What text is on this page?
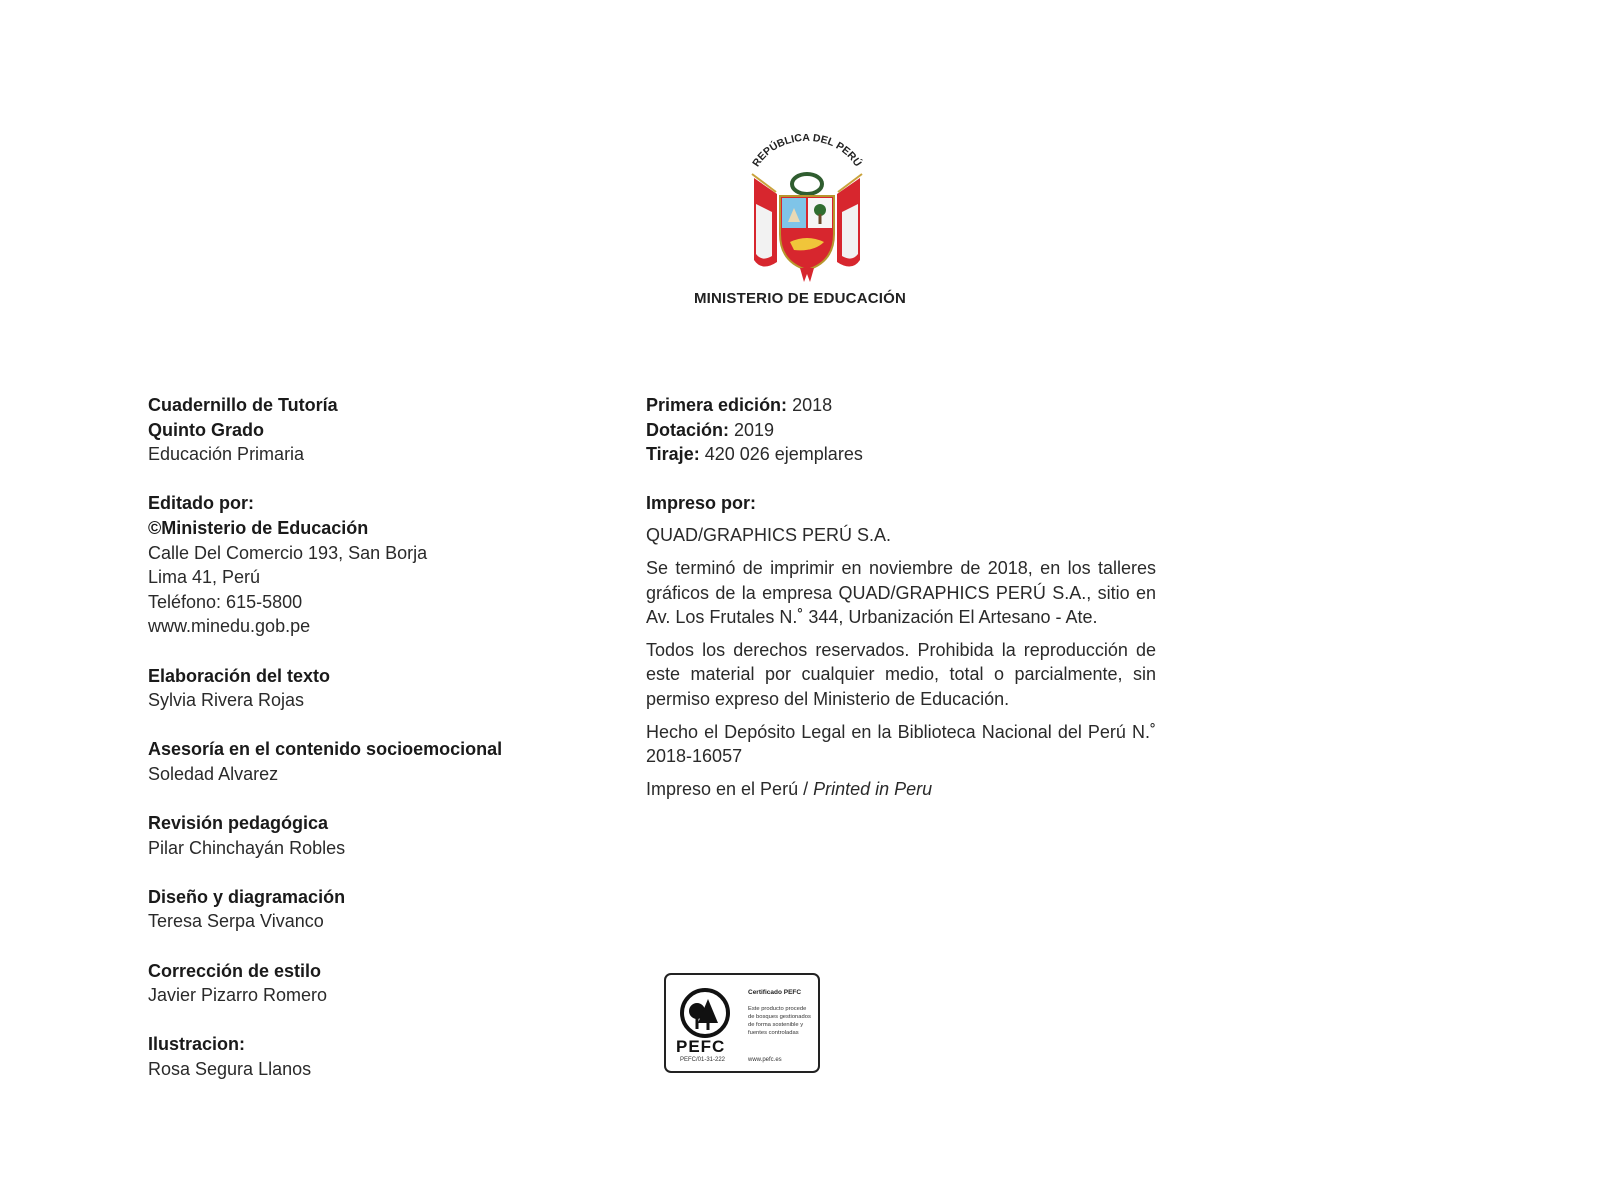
REPÚBLICA DEL PERÚ
MINISTERIO DE EDUCACIÓN
Cuadernillo de Tutoría
Quinto Grado
Educación Primaria
Editado por:
©Ministerio de Educación
Calle Del Comercio 193, San Borja
Lima 41, Perú
Teléfono: 615-5800
www.minedu.gob.pe
Elaboración del texto
Sylvia Rivera Rojas
Asesoría en el contenido socioemocional
Soledad Alvarez
Revisión pedagógica
Pilar Chinchayán Robles
Diseño y diagramación
Teresa Serpa Vivanco
Corrección de estilo
Javier Pizarro Romero
Ilustracion:
Rosa Segura Llanos
Primera edición: 2018
Dotación: 2019
Tiraje: 420 026 ejemplares
Impreso por:
QUAD/GRAPHICS PERÚ S.A.
Se terminó de imprimir en noviembre de 2018, en los talleres gráficos de la empresa QUAD/GRAPHICS PERÚ S.A., sitio en Av. Los Frutales N.˚ 344, Urbanización El Artesano - Ate.
Todos los derechos reservados. Prohibida la reproducción de este material por cualquier medio, total o parcialmente, sin permiso expreso del Ministerio de Educación.
Hecho el Depósito Legal en la Biblioteca Nacional del Perú N.˚ 2018-16057
Impreso en el Perú / Printed in Peru
PEFC
PEFC/01-31-222
Certificado PEFC
Este producto procede de bosques gestionados de forma sostenible y fuentes controladas
www.pefc.es
